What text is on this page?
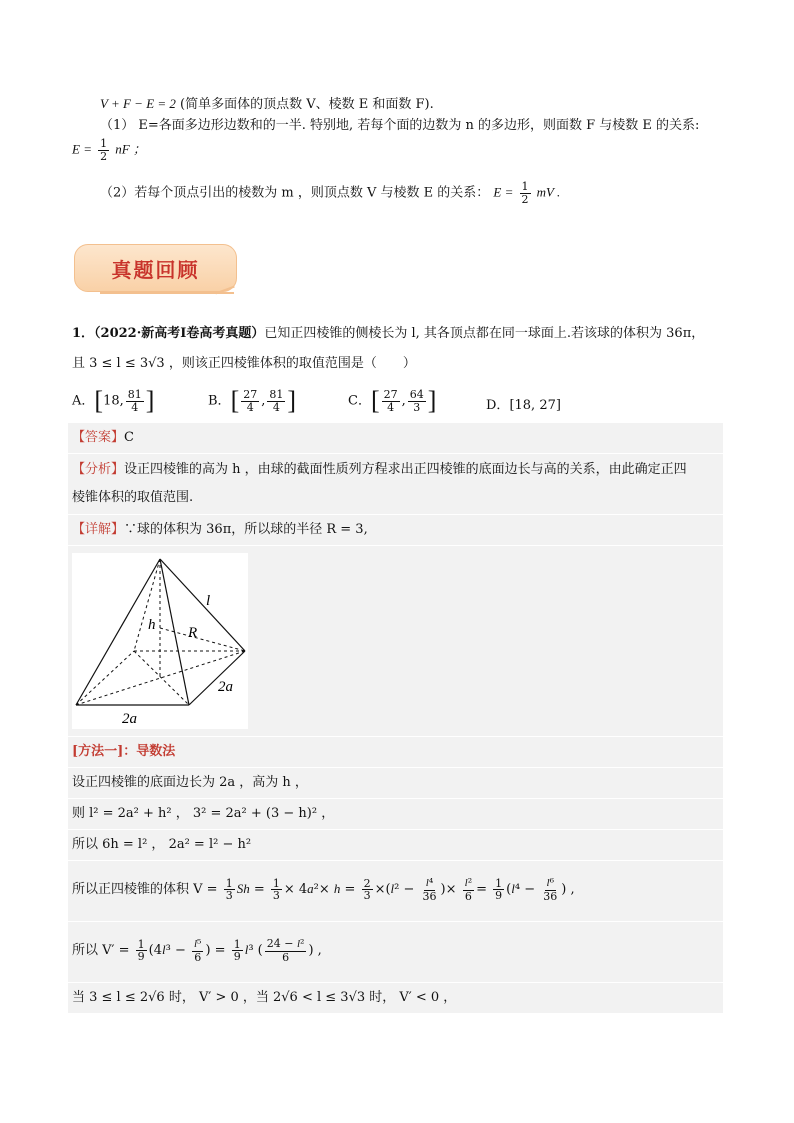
V + F − E = 2 (简单多面体的顶点数 V、棱数 E 和面数 F).
（1） E=各面多边形边数和的一半. 特别地, 若每个面的边数为 n 的多边形，则面数 F 与棱数 E 的关系:
$E = \frac{1}{2}$ nF ；
（2）若每个顶点引出的棱数为 m ，则顶点数 V 与棱数 E 的关系： $E = \frac{1}{2}$ mV .
真题回顾
1．（2022·新高考Ⅰ卷高考真题）已知正四棱锥的侧棱长为 l, 其各顶点都在同一球面上.若该球的体积为 36π，
且 3 ≤ l ≤ 3√3 ，则该正四棱锥体积的取值范围是（　　）
A．[18, $\frac{81}{4}$ ]	B．[ $\frac{27}{4}$ , $\frac{81}{4}$ ]	C．[ $\frac{27}{4}$ , $\frac{64}{3}$ ]	D．[18, 27]
【答案】C
【分析】设正四棱锥的高为 h ，由球的截面性质列方程求出正四棱锥的底面边长与高的关系，由此确定正四
棱锥体积的取值范围.
【详解】∵球的体积为 36π，所以球的半径 R = 3,
l
h R
2a
2a
[方法一]：导数法
设正四棱锥的底面边长为 2a ，高为 h ，
则 l² = 2a² + h² ， 3² = 2a² + (3 − h)² ，
所以 6h = l² ， 2a² = l² − h²
所以正四棱锥的体积 $V = \frac{1}{3}$ $Sh = \frac{1}{3} \times 4a^2\times h = \frac{2}{3} \times(l^2 - \frac{\text{l⁴}}{36}$ )× $\frac{\text{l²}}{6} = \frac{1}{9} (l^4 - \frac{\text{l⁶}}{36}$ ) ,
所以 $V' = \frac{1}{9} (4l^3 - \frac{\text{l⁵}}{6}$ ) = $\frac{1}{9} l^3$ ( $\frac{\text{24 − l²}}{6}$ ) ,
当 3 ≤ l ≤ 2√6 时， V′ > 0 ，当 2√6 < l ≤ 3√3 时， V′ < 0 ，
